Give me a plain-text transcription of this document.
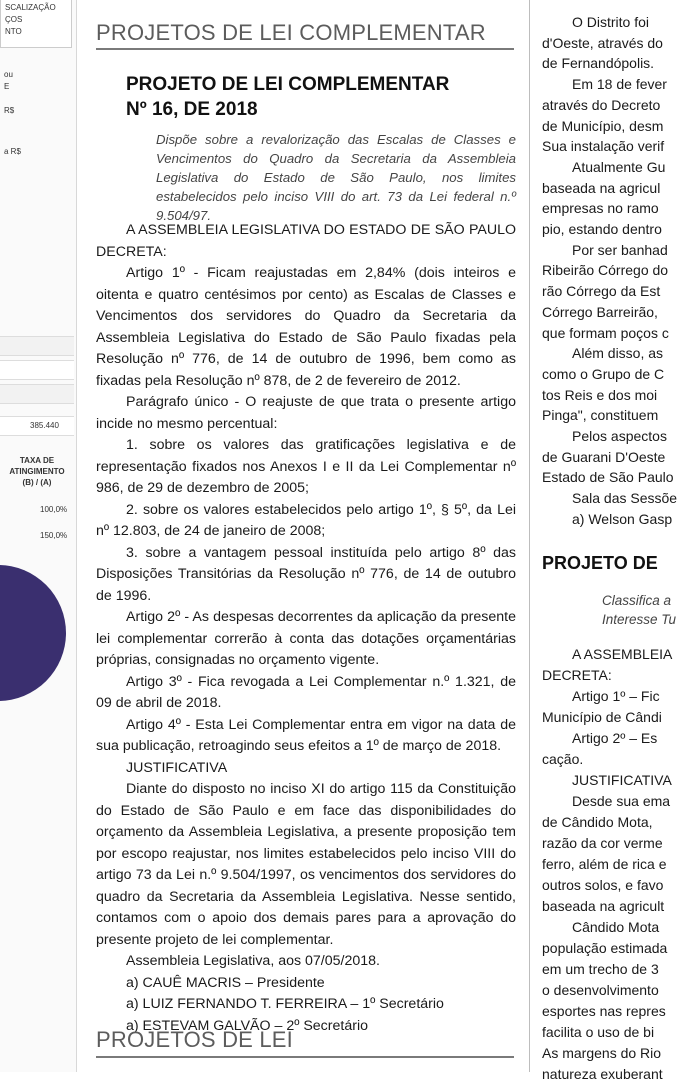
SCALIZAÇÃO
ÇOS
NTO
ou
E
R$
a R$
385.440
TAXA DE
ATINGIMENTO
(B) / (A)
100,0%
150,0%
PROJETOS DE LEI COMPLEMENTAR
PROJETO DE LEI COMPLEMENTAR
Nº 16, DE 2018
Dispõe sobre a revalorização das Escalas de Classes e Vencimentos do Quadro da Secretaria da Assembleia Legislativa do Estado de São Paulo, nos limites estabelecidos pelo inciso VIII do art. 73 da Lei federal n.º 9.504/97.

A ASSEMBLEIA LEGISLATIVA DO ESTADO DE SÃO PAULO DECRETA:

Artigo 1º - Ficam reajustadas em 2,84% (dois inteiros e oitenta e quatro centésimos por cento) as Escalas de Classes e Vencimentos dos servidores do Quadro da Secretaria da Assembleia Legislativa do Estado de São Paulo fixadas pela Resolução nº 776, de 14 de outubro de 1996, bem como as fixadas pela Resolução nº 878, de 2 de fevereiro de 2012.

Parágrafo único - O reajuste de que trata o presente artigo incide no mesmo percentual:

1. sobre os valores das gratificações legislativa e de representação fixados nos Anexos I e II da Lei Complementar nº 986, de 29 de dezembro de 2005;

2. sobre os valores estabelecidos pelo artigo 1º, § 5º, da Lei nº 12.803, de 24 de janeiro de 2008;

3. sobre a vantagem pessoal instituída pelo artigo 8º das Disposições Transitórias da Resolução nº 776, de 14 de outubro de 1996.

Artigo 2º - As despesas decorrentes da aplicação da presente lei complementar correrão à conta das dotações orçamentárias próprias, consignadas no orçamento vigente.

Artigo 3º - Fica revogada a Lei Complementar n.º 1.321, de 09 de abril de 2018.

Artigo 4º - Esta Lei Complementar entra em vigor na data de sua publicação, retroagindo seus efeitos a 1º de março de 2018.

JUSTIFICATIVA

Diante do disposto no inciso XI do artigo 115 da Constituição do Estado de São Paulo e em face das disponibilidades do orçamento da Assembleia Legislativa, a presente proposição tem por escopo reajustar, nos limites estabelecidos pelo inciso VIII do artigo 73 da Lei n.º 9.504/1997, os vencimentos dos servidores do quadro da Secretaria da Assembleia Legislativa. Nesse sentido, contamos com o apoio dos demais pares para a aprovação do presente projeto de lei complementar.

Assembleia Legislativa, aos 07/05/2018.

a) CAUÊ MACRIS – Presidente

a) LUIZ FERNANDO T. FERREIRA – 1º Secretário

a) ESTEVAM GALVÃO – 2º Secretário

PROJETOS DE LEI
O Distrito foi
d'Oeste, através do
de Fernandópolis.
Em 18 de fever
através do Decreto
de Município, desm
Sua instalação verif
Atualmente Gu
baseada na agricul
empresas no ramo
pio, estando dentro
Por ser banhad
Ribeirão Córrego do
rão Córrego da Est
Córrego Barreirão,
que formam poços c
Além disso, as
como o Grupo de C
tos Reis e dos moi
Pinga", constituem
Pelos aspectos
de Guarani D'Oeste
Estado de São Paulo
Sala das Sessõe
a) Welson Gasp
PROJETO DE
Classifica a
Interesse Tu
A ASSEMBLEIA
DECRETA:
Artigo 1º – Fic
Município de Cândi
Artigo 2º – Es
cação.
JUSTIFICATIVA
Desde sua ema
de Cândido Mota,
razão da cor verme
ferro, além de rica e
outros solos, e favo
baseada na agricult
Cândido Mota
população estimada
em um trecho de 3
o desenvolvimento
esportes nas repres
facilita o uso de bi
As margens do Rio
natureza exuberant
